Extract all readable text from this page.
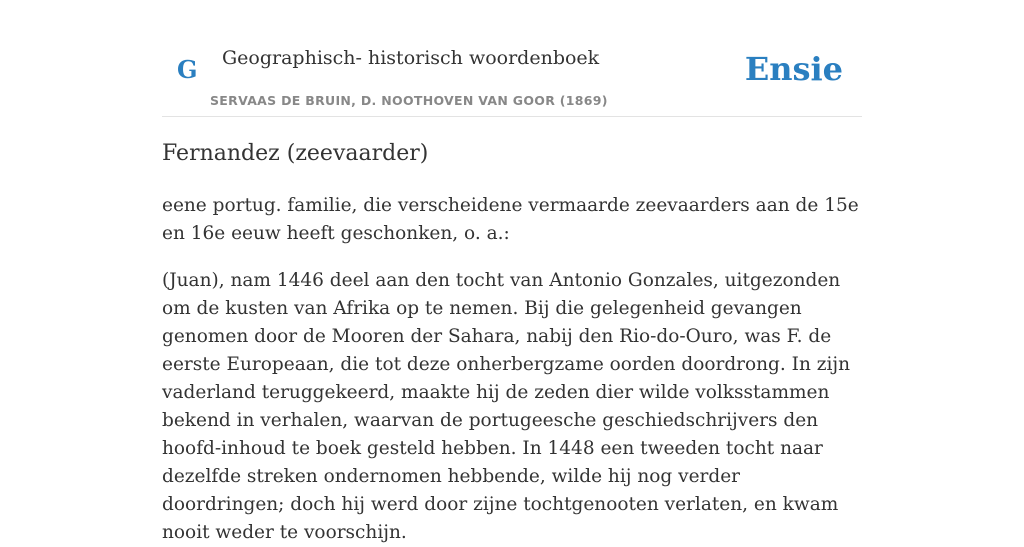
G Geographisch- historisch woordenboek
SERVAAS DE BRUIN, D. NOOTHOVEN VAN GOOR (1869)
Ensie
Fernandez (zeevaarder)

eene portug. familie, die verscheidene vermaarde zeevaarders aan de 15e en 16e eeuw heeft geschonken, o. a.:

(Juan), nam 1446 deel aan den tocht van Antonio Gonzales, uitgezonden om de kusten van Afrika op te nemen. Bij die gelegenheid gevangen genomen door de Mooren der Sahara, nabij den Rio-do-Ouro, was F. de eerste Europeaan, die tot deze onherbergzame oorden doordrong. In zijn vaderland teruggekeerd, maakte hij de zeden dier wilde volksstammen bekend in verhalen, waarvan de portugeesche geschiedschrijvers den hoofd-inhoud te boek gesteld hebben. In 1448 een tweeden tocht naar dezelfde streken ondernomen hebbende, wilde hij nog verder doordringen; doch hij werd door zijne tochtgenooten verlaten, en kwam nooit weder te voorschijn.
